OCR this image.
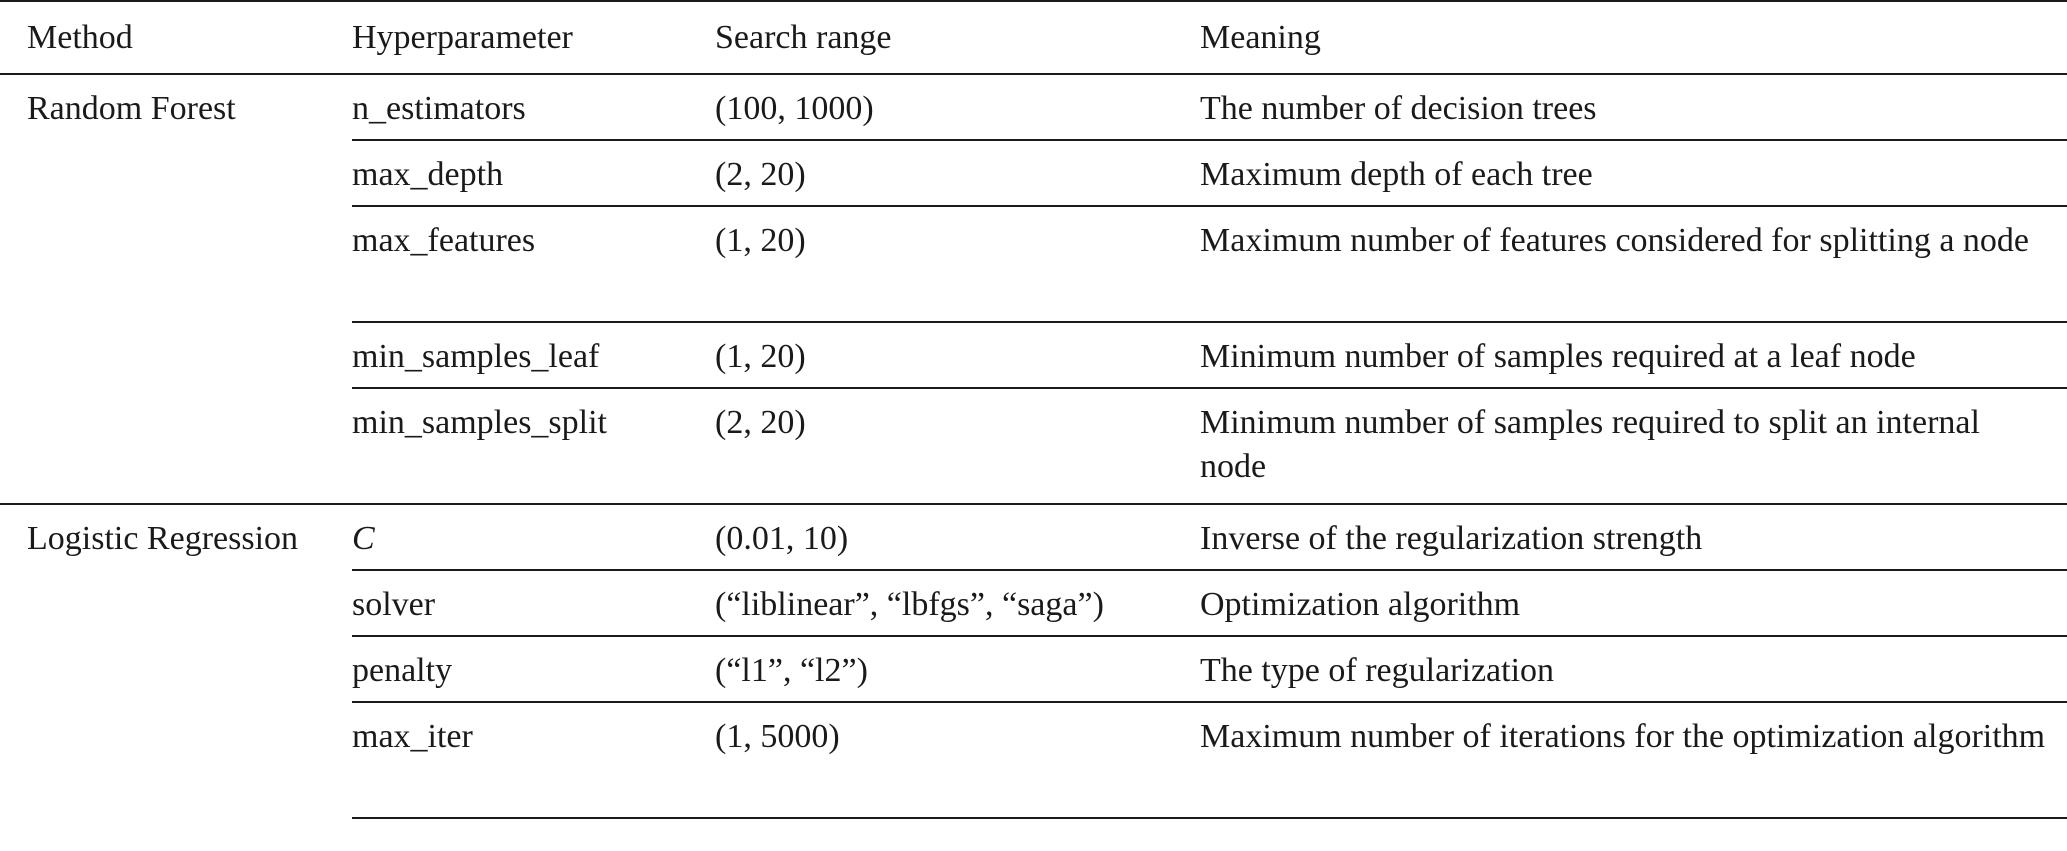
Method	Hyperparameter	Search range	Meaning
Random Forest	n_estimators	(100, 1000)	The number of decision trees
	max_depth	(2, 20)	Maximum depth of each tree
	max_features	(1, 20)	Maximum number of features considered for splitting a node
	min_samples_leaf	(1, 20)	Minimum number of samples required at a leaf node
	min_samples_split	(2, 20)	Minimum number of samples required to split an internal node
Logistic Regression	C	(0.01, 10)	Inverse of the regularization strength
	solver	(“liblinear”, “lbfgs”, “saga”)	Optimization algorithm
	penalty	(“l1”, “l2”)	The type of regularization
	max_iter	(1, 5000)	Maximum number of iterations for the optimization algorithm
